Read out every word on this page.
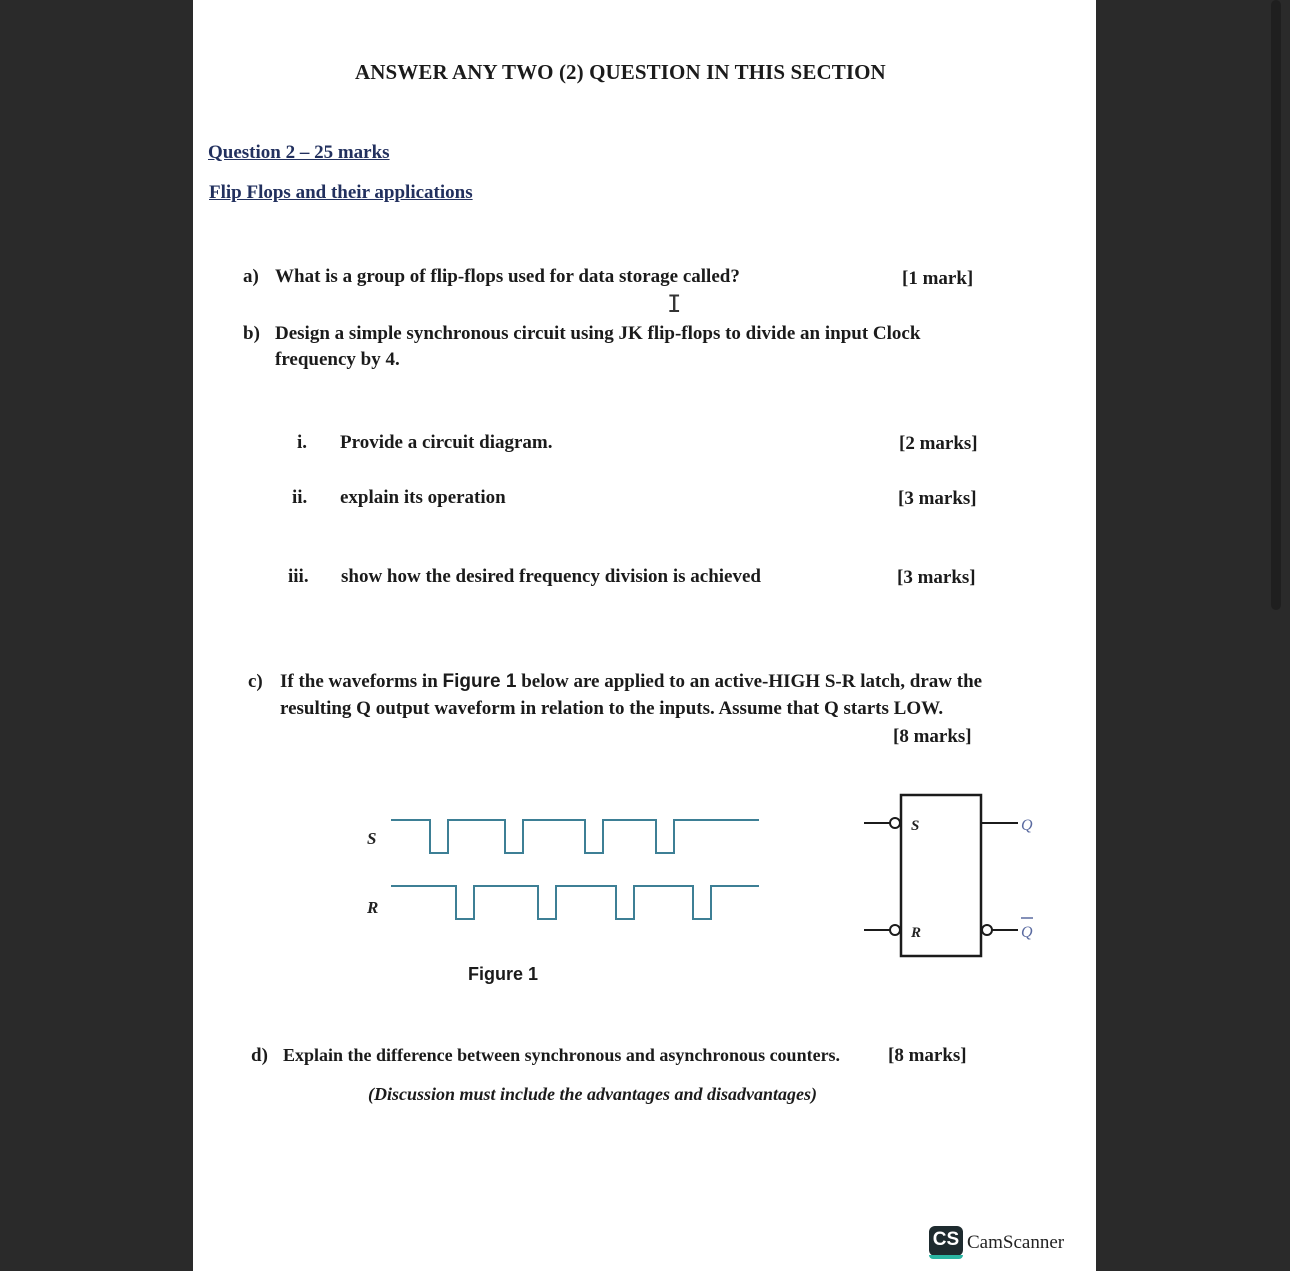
ANSWER ANY TWO (2) QUESTION IN THIS SECTION
Question 2 – 25 marks
Flip Flops and their applications
a) What is a group of flip-flops used for data storage called?	[1 mark]
I
b) Design a simple synchronous circuit using JK flip-flops to divide an input Clock
frequency by 4.
i. Provide a circuit diagram.	[2 marks]
ii. explain its operation	[3 marks]
iii. show how the desired frequency division is achieved	[3 marks]
c) If the waveforms in Figure 1 below are applied to an active-HIGH S-R latch, draw the
resulting Q output waveform in relation to the inputs. Assume that Q starts LOW.
[8 marks]
S
R
Figure 1
S
R
Q
Q
d) Explain the difference between synchronous and asynchronous counters.	[8 marks]
(Discussion must include the advantages and disadvantages)
CS CamScanner
